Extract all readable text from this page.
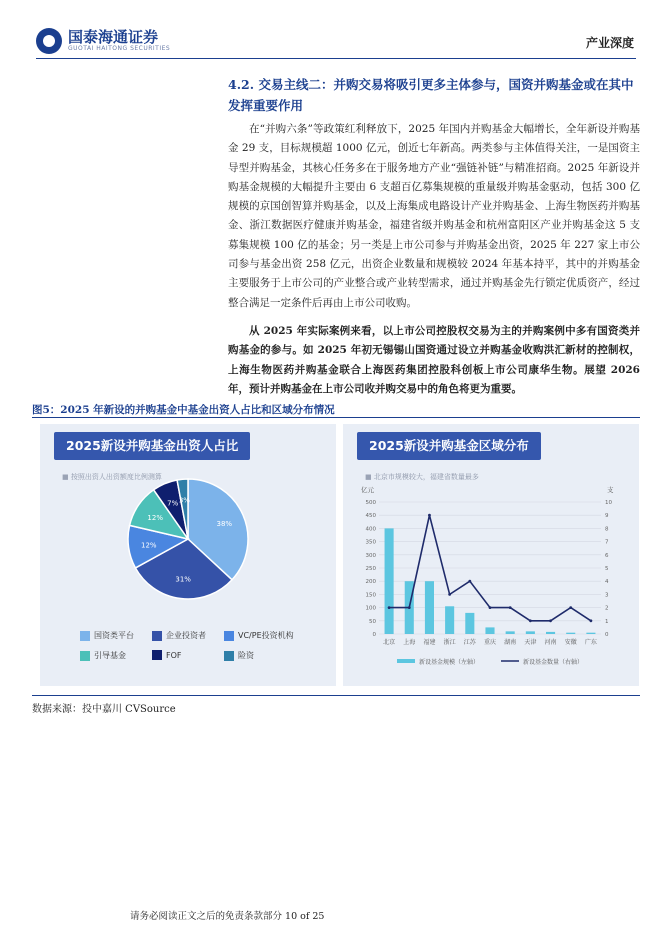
国泰海通证券
GUOTAI HAITONG SECURITIES	产业深度
4.2. 交易主线二：并购交易将吸引更多主体参与，国资并购基金或在其中发挥重要作用
在“并购六条”等政策红利释放下，2025 年国内并购基金大幅增长，全年新设并购基金 29 支，目标规模超 1000 亿元，创近七年新高。两类参与主体值得关注，一是国资主导型并购基金，其核心任务多在于服务地方产业“强链补链”与精准招商。2025 年新设并购基金规模的大幅提升主要由 6 支超百亿募集规模的重量级并购基金驱动，包括 300 亿规模的京国创智算并购基金，以及上海集成电路设计产业并购基金、上海生物医药并购基金、浙江数据医疗健康并购基金，福建省级并购基金和杭州富阳区产业并购基金这 5 支募集规模 100 亿的基金；另一类是上市公司参与并购基金出资，2025 年 227 家上市公司参与基金出资 258 亿元，出资企业数量和规模较 2024 年基本持平，其中的并购基金主要服务于上市公司的产业整合或产业转型需求，通过并购基金先行锁定优质资产，经过整合满足一定条件后再由上市公司收购。
从 2025 年实际案例来看，以上市公司控股权交易为主的并购案例中多有国资类并购基金的参与。如 2025 年初无锡锡山国资通过设立并购基金收购洪汇新材的控制权，上海生物医药并购基金联合上海医药集团控股科创板上市公司康华生物。展望 2026 年，预计并购基金在上市公司收并购交易中的角色将更为重要。
图5：2025 年新设的并购基金中基金出资人占比和区域分布情况
2025新设并购基金出资人占比
■ 按照出资人出资额度比例测算
38%
31%
12%
12%
7% 3%
国资类平台	企业投资者	VC/PE投资机构
引导基金	FOF	险资
2025新设并购基金区域分布
■ 北京市规模较大，福建省数量最多
亿元	支
0
50
100
150
200
250
300
350
400
450
500
0
1
2
3
4
5
6
7
8
9
10
北京 上海 福建 浙江 江苏 重庆 湖南 天津 河南 安徽 广东
新设基金规模（左轴）	新设基金数量（右轴）
数据来源：投中嘉川 CVSource
请务必阅读正文之后的免责条款部分 10 of 25
